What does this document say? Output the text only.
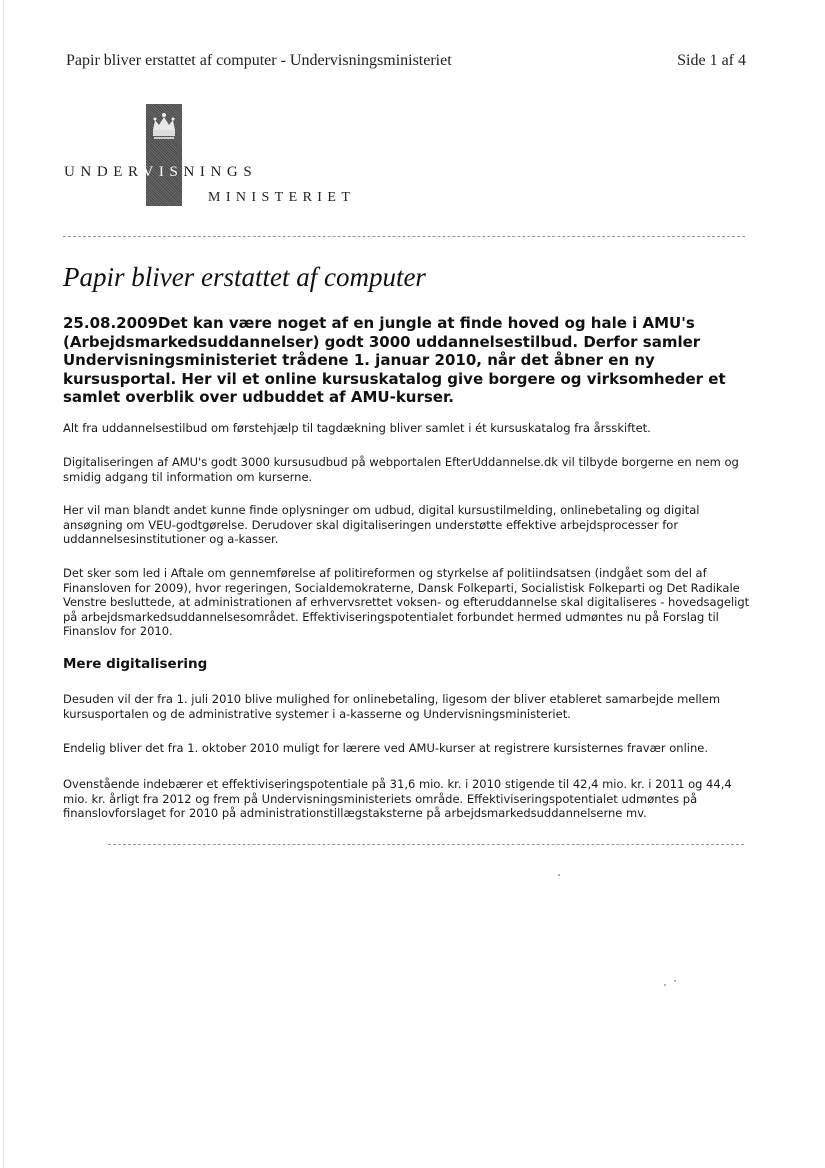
Papir bliver erstattet af computer - Undervisningsministeriet	Side 1 af 4
UNDERVISNINGS
MINISTERIET
Papir bliver erstattet af computer
25.08.2009Det kan være noget af en jungle at finde hoved og hale i AMU's (Arbejdsmarkedsuddannelser) godt 3000 uddannelsestilbud. Derfor samler Undervisningsministeriet trådene 1. januar 2010, når det åbner en ny kursusportal. Her vil et online kursuskatalog give borgere og virksomheder et samlet overblik over udbuddet af AMU-kurser.
Alt fra uddannelsestilbud om førstehjælp til tagdækning bliver samlet i ét kursuskatalog fra årsskiftet.
Digitaliseringen af AMU's godt 3000 kursusudbud på webportalen EfterUddannelse.dk vil tilbyde borgerne en nem og smidig adgang til information om kurserne.
Her vil man blandt andet kunne finde oplysninger om udbud, digital kursustilmelding, onlinebetaling og digital ansøgning om VEU-godtgørelse. Derudover skal digitaliseringen understøtte effektive arbejdsprocesser for uddannelsesinstitutioner og a-kasser.
Det sker som led i Aftale om gennemførelse af politireformen og styrkelse af politiindsatsen (indgået som del af Finansloven for 2009), hvor regeringen, Socialdemokraterne, Dansk Folkeparti, Socialistisk Folkeparti og Det Radikale Venstre besluttede, at administrationen af erhvervsrettet voksen- og efteruddannelse skal digitaliseres - hovedsageligt på arbejdsmarkedsuddannelsesområdet. Effektiviseringspotentialet forbundet hermed udmøntes nu på Forslag til Finanslov for 2010.
Mere digitalisering
Desuden vil der fra 1. juli 2010 blive mulighed for onlinebetaling, ligesom der bliver etableret samarbejde mellem kursusportalen og de administrative systemer i a-kasserne og Undervisningsministeriet.
Endelig bliver det fra 1. oktober 2010 muligt for lærere ved AMU-kurser at registrere kursisternes fravær online.
Ovenstående indebærer et effektiviseringspotentiale på 31,6 mio. kr. i 2010 stigende til 42,4 mio. kr. i 2011 og 44,4 mio. kr. årligt fra 2012 og frem på Undervisningsministeriets område. Effektiviseringspotentialet udmøntes på finanslovforslaget for 2010 på administrationstillægstaksterne på arbejdsmarkedsuddannelserne mv.
